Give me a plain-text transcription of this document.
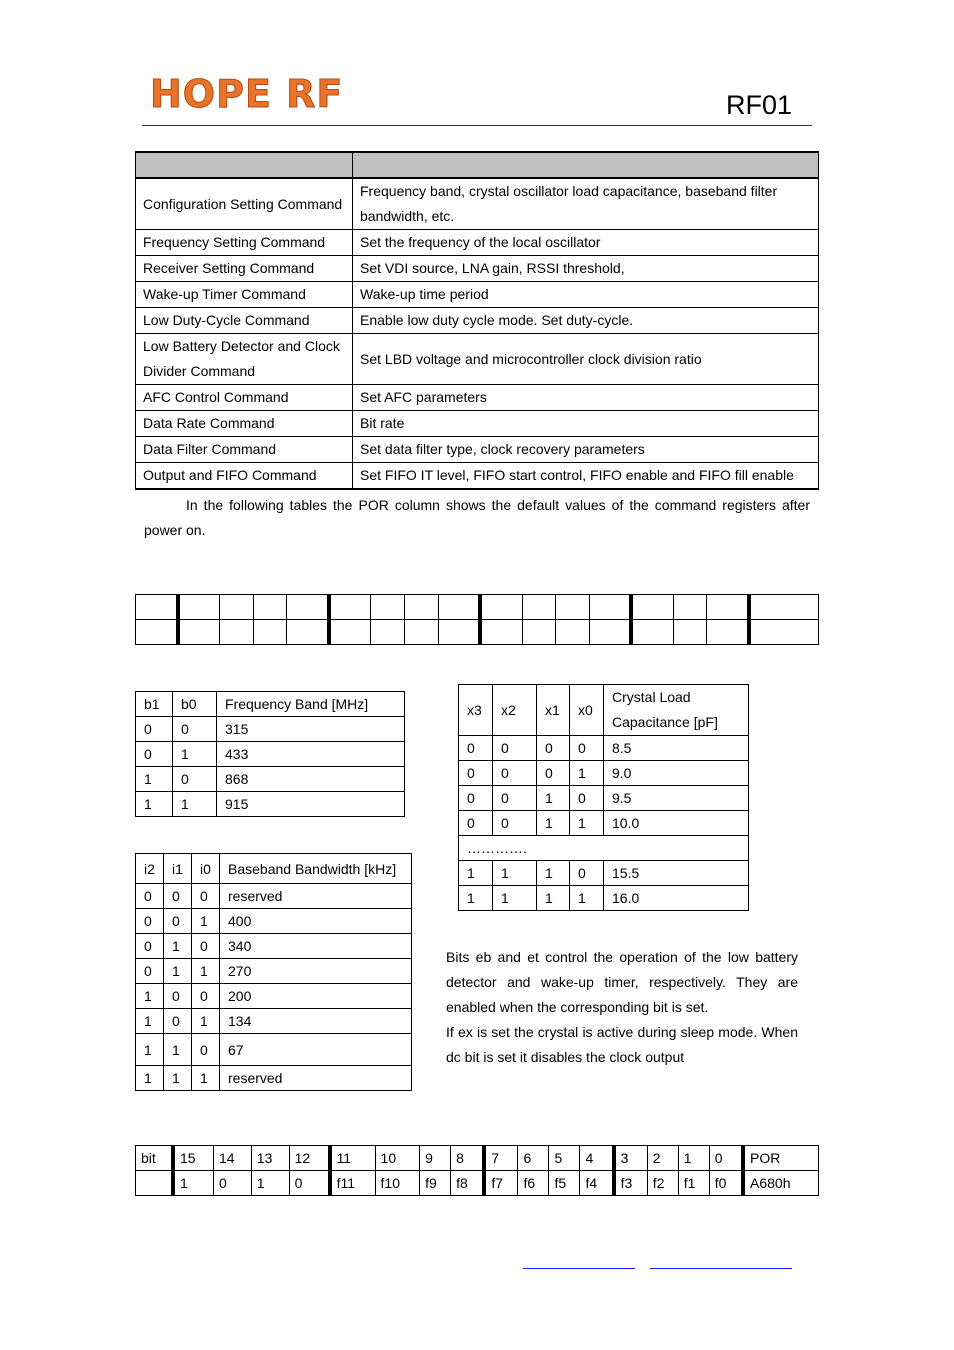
HOPE RF	RF01

Configuration Setting Command	Frequency band, crystal oscillator load capacitance, baseband filter bandwidth, etc.
Frequency Setting Command	Set the frequency of the local oscillator
Receiver Setting Command	Set VDI source, LNA gain, RSSI threshold,
Wake-up Timer Command	Wake-up time period
Low Duty-Cycle Command	Enable low duty cycle mode. Set duty-cycle.
Low Battery Detector and Clock Divider Command	Set LBD voltage and microcontroller clock division ratio
AFC Control Command	Set AFC parameters
Data Rate Command	Bit rate
Data Filter Command	Set data filter type, clock recovery parameters
Output and FIFO Command	Set FIFO IT level, FIFO start control, FIFO enable and FIFO fill enable
In the following tables the POR column shows the default values of the command registers after power on.

b1	b0	Frequency Band [MHz]
0	0	315
0	1	433
1	0	868
1	1	915
x3	x2	x1	x0	Crystal Load Capacitance [pF]
0	0	0	0	8.5
0	0	0	1	9.0
0	0	1	0	9.5
0	0	1	1	10.0
………….				
1	1	1	0	15.5
1	1	1	1	16.0
i2	i1	i0	Baseband Bandwidth [kHz]
0	0	0	reserved
0	0	1	400
0	1	0	340
0	1	1	270
1	0	0	200
1	0	1	134
1	1	0	67
1	1	1	reserved
Bits eb and et control the operation of the low battery detector and wake-up timer, respectively. They are enabled when the corresponding bit is set.
If ex is set the crystal is active during sleep mode. When dc bit is set it disables the clock output
bit	15	14	13	12	11	10	9	8	7	6	5	4	3	2	1	0	POR
	1	0	1	0	f11	f10	f9	f8	f7	f6	f5	f4	f3	f2	f1	f0	A680h
